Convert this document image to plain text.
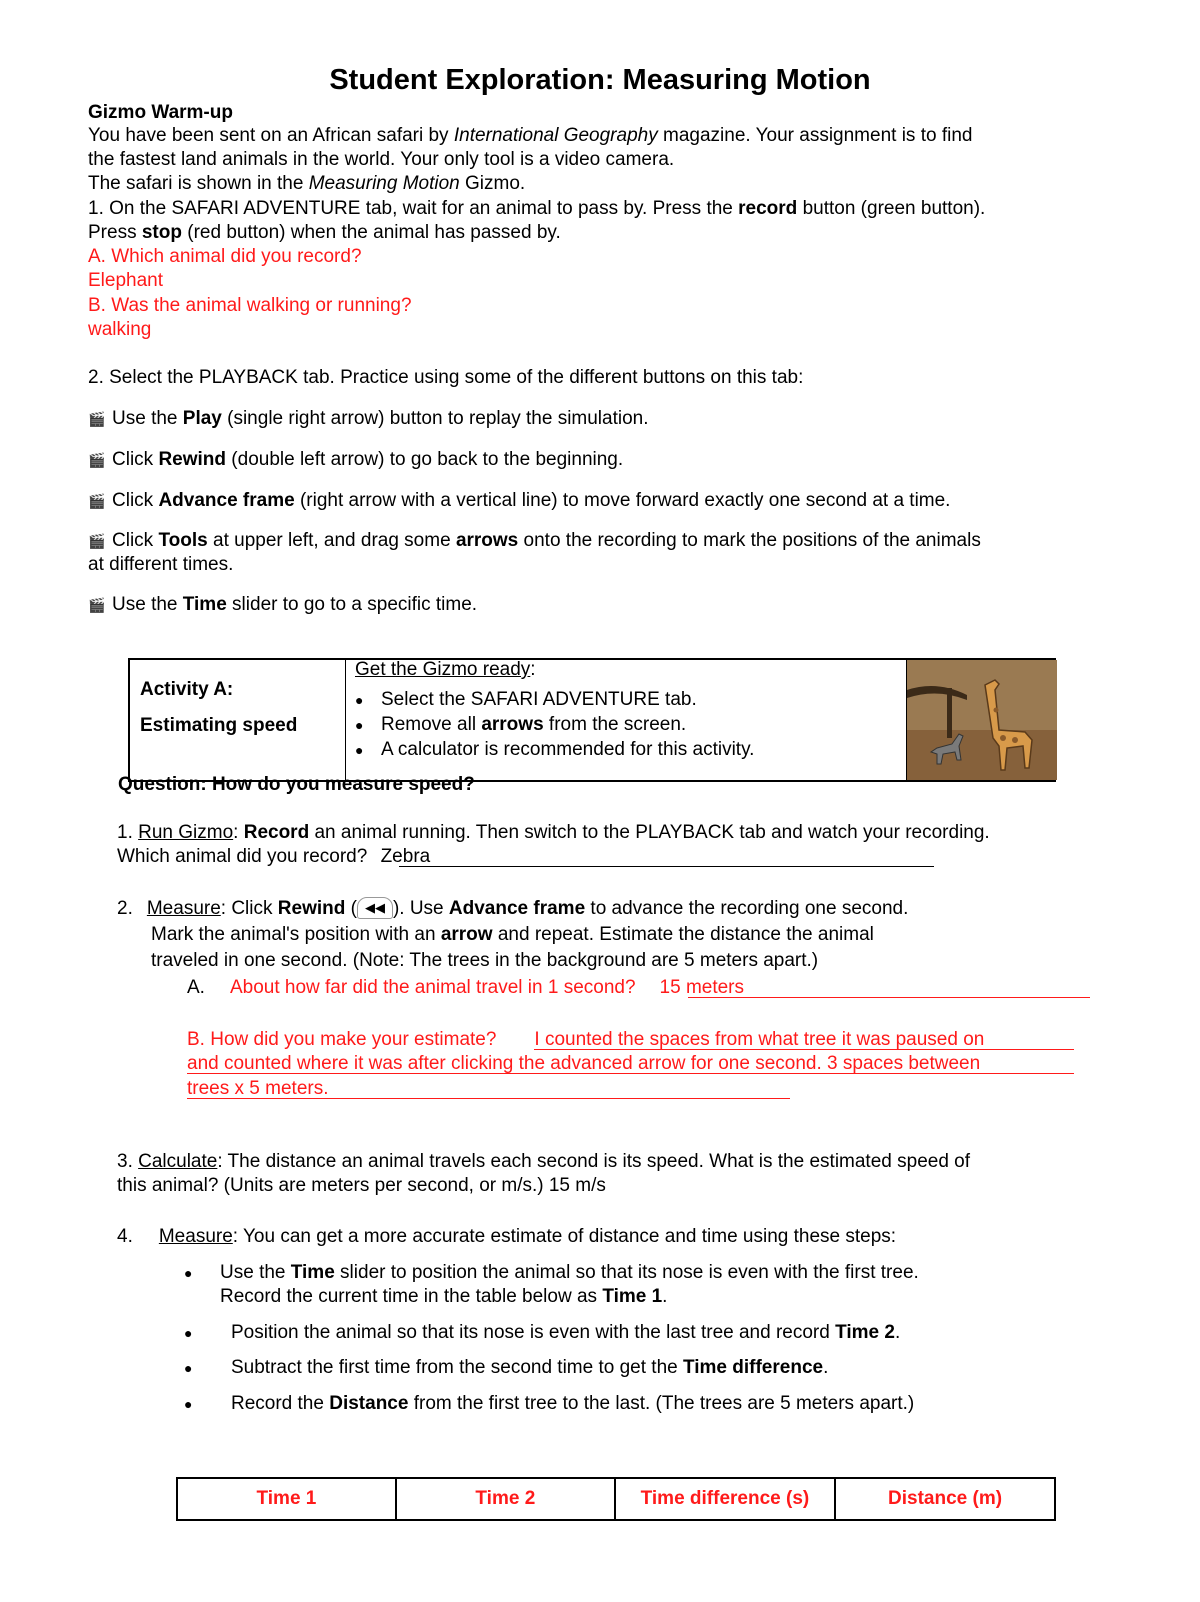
Student Exploration: Measuring Motion
Gizmo Warm-up
You have been sent on an African safari by International Geography magazine. Your assignment is to find
the fastest land animals in the world. Your only tool is a video camera.
The safari is shown in the Measuring Motion Gizmo.
1. On the SAFARI ADVENTURE tab, wait for an animal to pass by. Press the record button (green button).
Press stop (red button) when the animal has passed by.
A. Which animal did you record?
Elephant
B. Was the animal walking or running?
walking
2. Select the PLAYBACK tab. Practice using some of the different buttons on this tab:
🎬 Use the Play (single right arrow) button to replay the simulation.
🎬 Click Rewind (double left arrow) to go back to the beginning.
🎬 Click Advance frame (right arrow with a vertical line) to move forward exactly one second at a time.
🎬 Click Tools at upper left, and drag some arrows onto the recording to mark the positions of the animals
at different times.
🎬 Use the Time slider to go to a specific time.
Activity A:
Estimating speed
Get the Gizmo ready:
● Select the SAFARI ADVENTURE tab.
● Remove all arrows from the screen.
● A calculator is recommended for this activity.
Question: How do you measure speed?
1. Run Gizmo: Record an animal running. Then switch to the PLAYBACK tab and watch your recording.
Which animal did you record? Zebra
2. Measure: Click Rewind ( ◀◀ ). Use Advance frame to advance the recording one second.
Mark the animal's position with an arrow and repeat. Estimate the distance the animal
traveled in one second. (Note: The trees in the background are 5 meters apart.)
A. About how far did the animal travel in 1 second? 15 meters
B. How did you make your estimate? I counted the spaces from what tree it was paused on
and counted where it was after clicking the advanced arrow for one second. 3 spaces between
trees x 5 meters.
3. Calculate: The distance an animal travels each second is its speed. What is the estimated speed of
this animal? (Units are meters per second, or m/s.) 15 m/s
4. Measure: You can get a more accurate estimate of distance and time using these steps:
● Use the Time slider to position the animal so that its nose is even with the first tree.
Record the current time in the table below as Time 1.
● Position the animal so that its nose is even with the last tree and record Time 2.
● Subtract the first time from the second time to get the Time difference.
● Record the Distance from the first tree to the last. (The trees are 5 meters apart.)
Time 1	Time 2	Time difference (s)	Distance (m)
